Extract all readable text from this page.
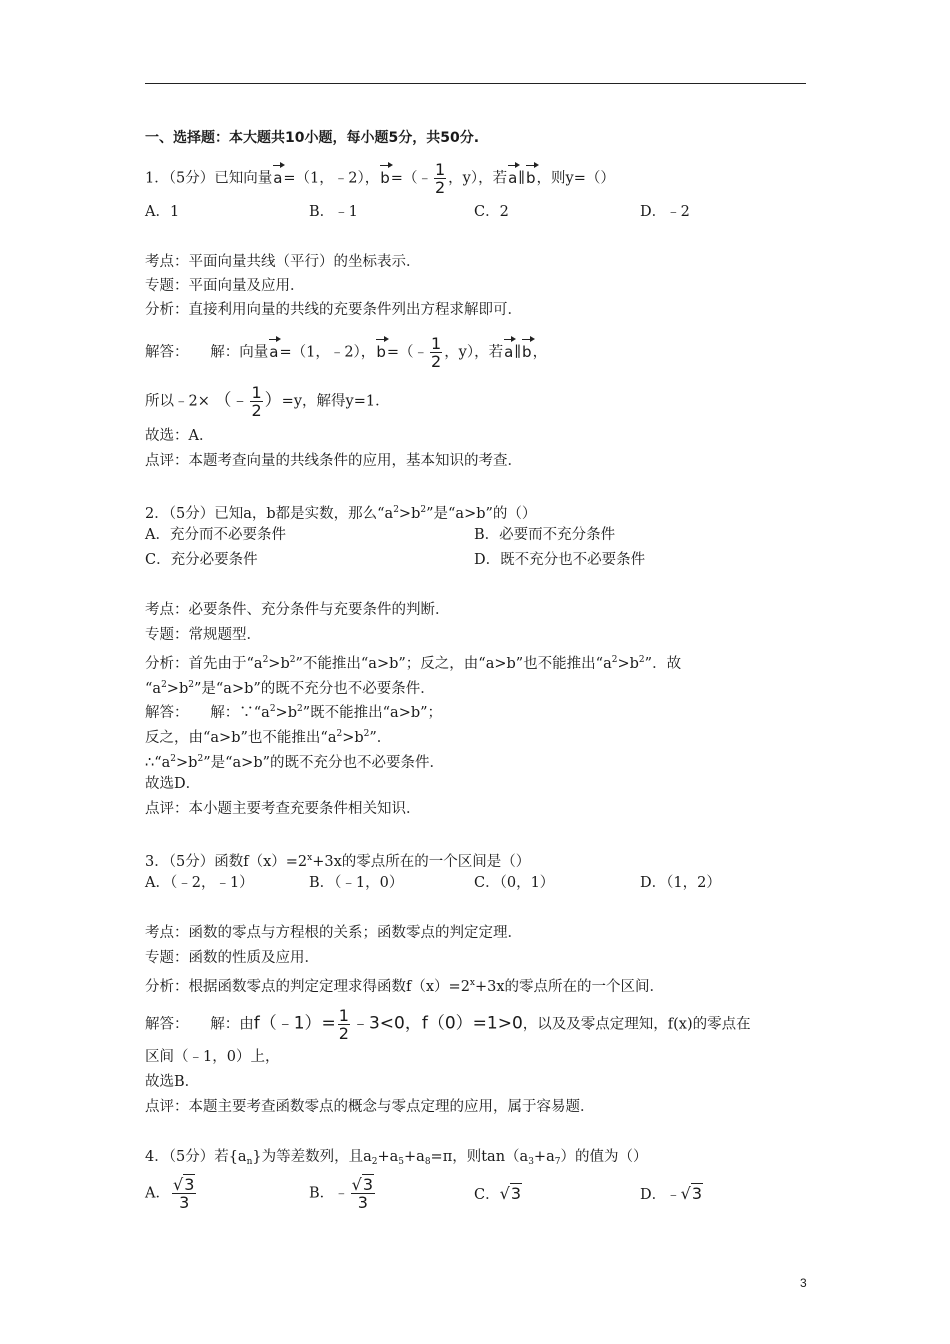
一、选择题：本大题共10小题，每小题5分，共50分.
1．（5分）已知向量a=（1，﹣2），b=（﹣ $\frac{1}{2}$ ，y），若a∥b，则y=（）
A．1	B．﹣1	C．2	D．﹣2
考点：平面向量共线（平行）的坐标表示．
专题：平面向量及应用．
分析：直接利用向量的共线的充要条件列出方程求解即可．
解答：　　解：向量a=（1，﹣2），b=（﹣ $\frac{1}{2}$ ，y），若a∥b，
所以﹣2× （﹣ $\frac{1}{2} )=y$，解得y=1．
故选：A．
点评：本题考查向量的共线条件的应用，基本知识的考查．
2．（5分）已知a，b都是实数，那么“$a^2>b^2$”是“a>b”的（）
A．充分而不必要条件	B．必要而不充分条件
C．充分必要条件	D．既不充分也不必要条件
考点：必要条件、充分条件与充要条件的判断．
专题：常规题型．
分析：首先由于“$a^2>b^2$”不能推出“a>b”；反之，由“a>b”也不能推出“$a^2>b^2$”．故
“$a^2>b^2$”是“a>b”的既不充分也不必要条件．
解答：　　解：$\because“a^2>b^2$”既不能推出“a>b”；
反之，由“a>b”也不能推出“$a^2>b^2$”．
$\therefore“a^2>b^2$”是“a>b”的既不充分也不必要条件．
故选D．
点评：本小题主要考查充要条件相关知识．
3．（5分）函数$f(x)=2^x+3x$的零点所在的一个区间是（）
A．（﹣2，﹣1）	B．（﹣1，0）	C．（0，1）	D．（1，2）
考点：函数的零点与方程根的关系；函数零点的判定定理．
专题：函数的性质及应用．
分析：根据函数零点的判定定理求得函数$f(x)=2^x+3x$的零点所在的一个区间．
解答：　　解：由f（﹣1）= $\frac{1}{2}$ ﹣3<0，f（0）=1>0，以及及零点定理知，f(x)的零点在
区间（﹣1，0）上，
故选B．
点评：本题主要考查函数零点的概念与零点定理的应用，属于容易题．
4．（5分）若$\{a_n\}$为等差数列，且$a_2+a_5+a_8=\pi$，则$\tan(a_3+a_7)$的值为（）
A． $\frac{√3}{3}$	B．﹣ $\frac{√3}{3}$	C．√3	D．﹣√3
3
